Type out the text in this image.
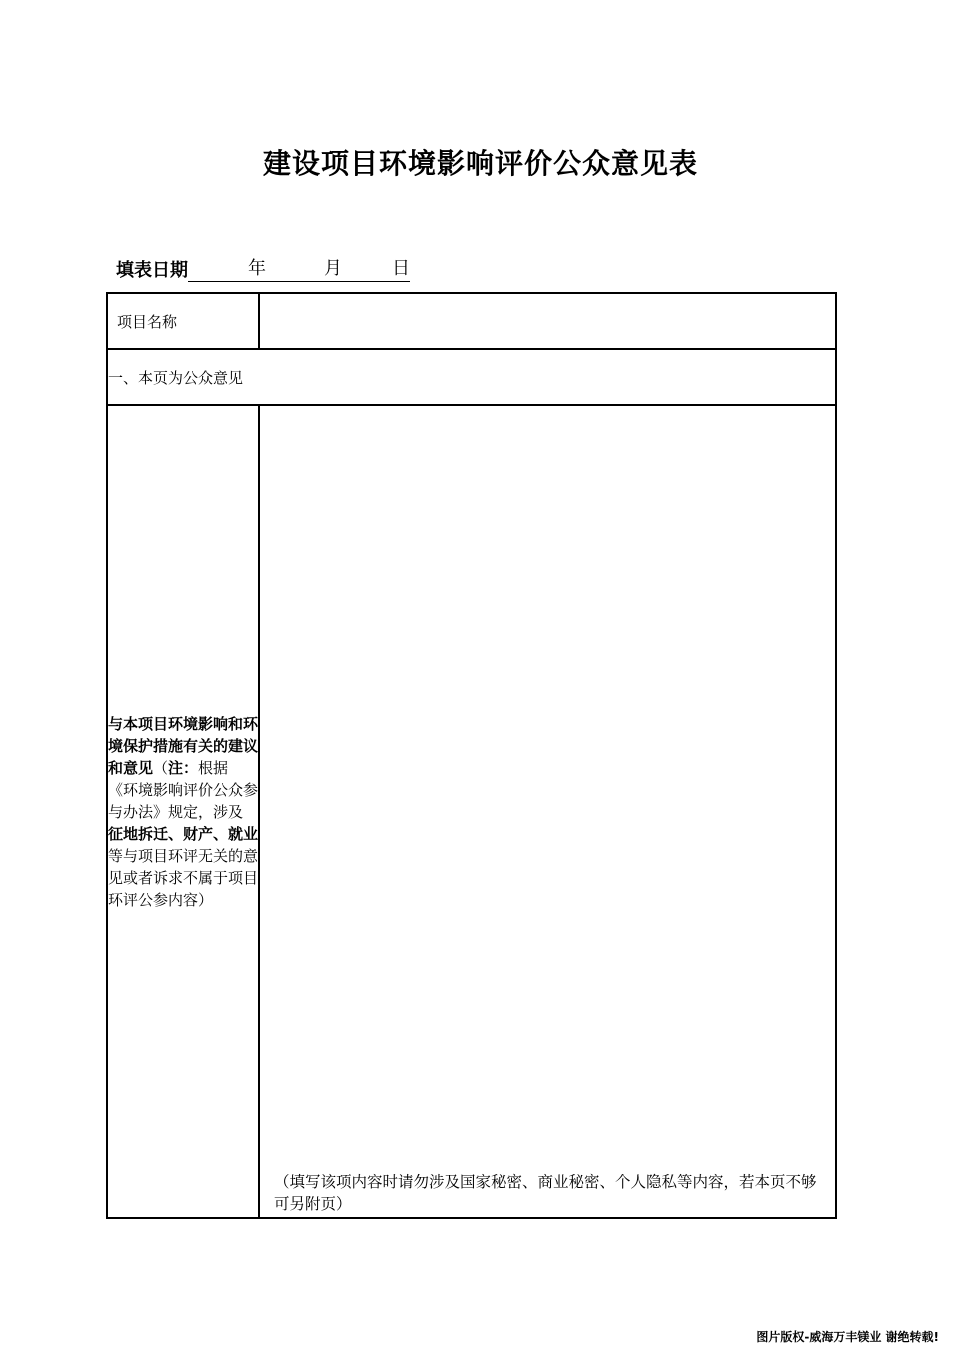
建设项目环境影响评价公众意见表
填表日期	年	月	日
项目名称	
一、本页为公众意见	
与本项目环境影响和环境保护措施有关的建议和意见（注：根据《环境影响评价公众参与办法》规定，涉及征地拆迁、财产、就业等与项目环评无关的意见或者诉求不属于项目环评公参内容）	（填写该项内容时请勿涉及国家秘密、商业秘密、个人隐私等内容，若本页不够可另附页）
图片版权-威海万丰镁业 谢绝转载!
